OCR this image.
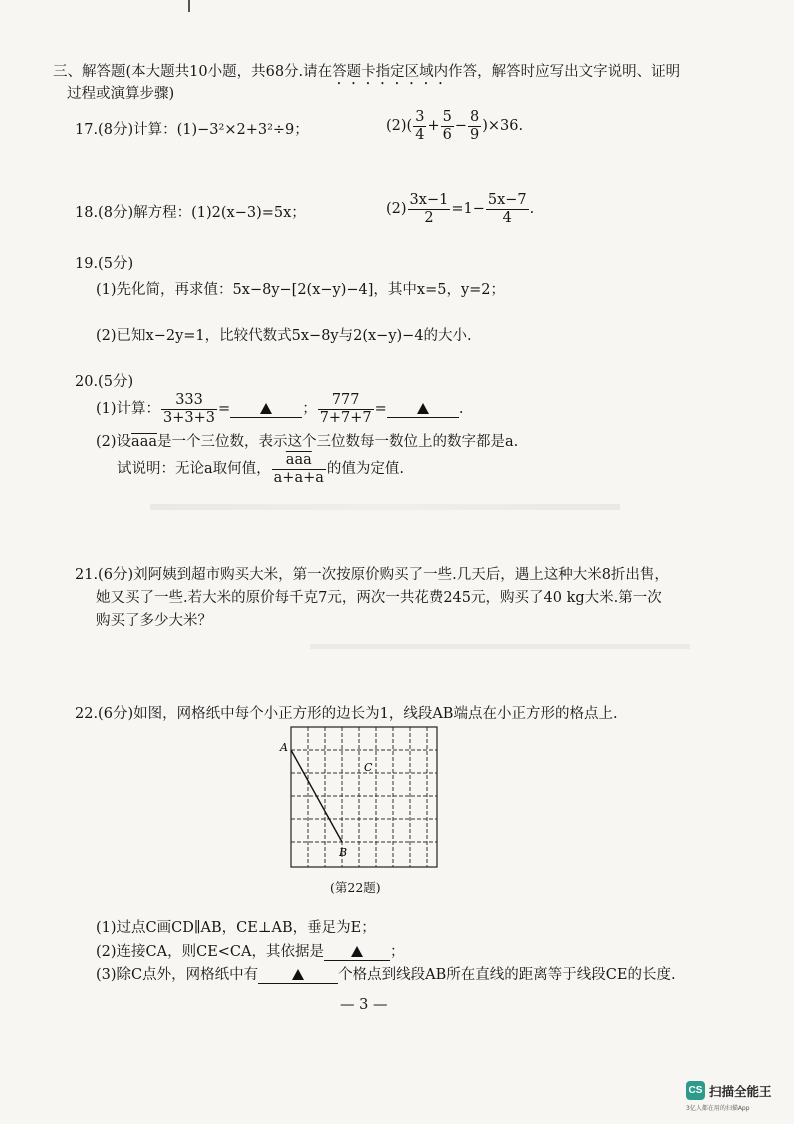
三、解答题(本大题共10小题，共68分.请在答题卡指定区域内作答，解答时应写出文字说明、证明
过程或演算步骤)
17.(8分)计算：(1)−3²×2+3²÷9；	$(2)( \frac{3}{4} + \frac{5}{6} - \frac{8}{9} )\times 36$.
18.(8分)解方程：(1)2(x−3)=5x；	$(2) \frac{3x-1}{2} =1- \frac{5x-7}{4}$ .
19.(5分)
(1)先化简，再求值：5x−8y−[2(x−y)−4]，其中x=5，y=2；
(2)已知x−2y=1，比较代数式5x−8y与2(x−y)−4的大小.
20.(5分)
(1)计算： $\frac{333}{3+3+3}$ =	； $\frac{777}{7+7+7}$ =	.
(2)设$\overline{aaa}$是一个三位数，表示这个三位数每一数位上的数字都是a.
试说明：无论a取何值， $\frac{\overline{aaa}}{a+a+a}$ 的值为定值.
21.(6分)刘阿姨到超市购买大米，第一次按原价购买了一些.几天后，遇上这种大米8折出售，
她又买了一些.若大米的原价每千克7元，两次一共花费245元，购买了40 kg大米.第一次
购买了多少大米？
22.(6分)如图，网格纸中每个小正方形的边长为1，线段AB端点在小正方形的格点上.
A
B
C
(第22题)
(1)过点C画CD∥AB，CE⊥AB，垂足为E；
(2)连接CA，则CE<CA，其依据是	；
(3)除C点外，网格纸中有	个格点到线段AB所在直线的距离等于线段CE的长度.
— 3 —
CS 扫描全能王
3亿人都在用的扫描App
